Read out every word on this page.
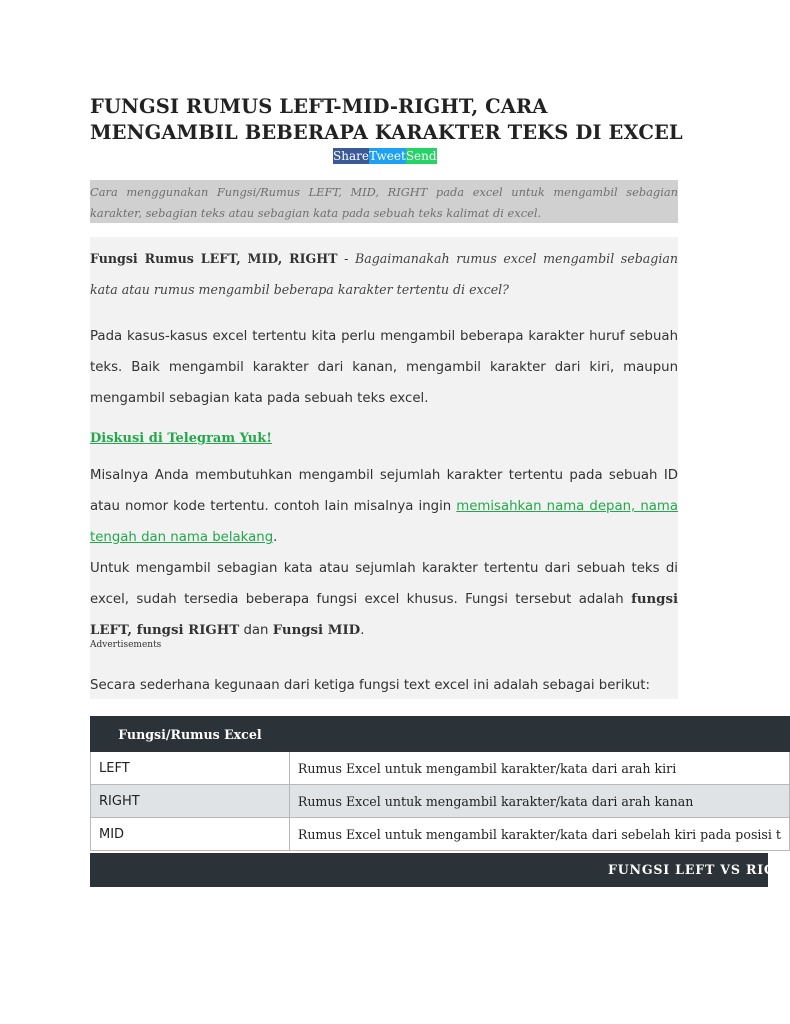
FUNGSI RUMUS LEFT-MID-RIGHT, CARA
MENGAMBIL BEBERAPA KARAKTER TEKS DI EXCEL
Share Tweet Send

Cara menggunakan Fungsi/Rumus LEFT, MID, RIGHT pada excel untuk mengambil sebagian karakter, sebagian teks atau sebagian kata pada sebuah teks kalimat di excel.

Fungsi Rumus LEFT, MID, RIGHT - Bagaimanakah rumus excel mengambil sebagian kata atau rumus mengambil beberapa karakter tertentu di excel?

Pada kasus-kasus excel tertentu kita perlu mengambil beberapa karakter huruf sebuah teks. Baik mengambil karakter dari kanan, mengambil karakter dari kiri, maupun mengambil sebagian kata pada sebuah teks excel.

Diskusi di Telegram Yuk!

Misalnya Anda membutuhkan mengambil sejumlah karakter tertentu pada sebuah ID atau nomor kode tertentu. contoh lain misalnya ingin memisahkan nama depan, nama tengah dan nama belakang.

Untuk mengambil sebagian kata atau sejumlah karakter tertentu dari sebuah teks di excel, sudah tersedia beberapa fungsi excel khusus. Fungsi tersebut adalah fungsi LEFT, fungsi RIGHT dan Fungsi MID.

Advertisements

Secara sederhana kegunaan dari ketiga fungsi text excel ini adalah sebagai berikut:

Fungsi/Rumus Excel	
LEFT	Rumus Excel untuk mengambil karakter/kata dari arah kiri
RIGHT	Rumus Excel untuk mengambil karakter/kata dari arah kanan
MID	Rumus Excel untuk mengambil karakter/kata dari sebelah kiri pada posisi t
FUNGSI LEFT VS RIGH
